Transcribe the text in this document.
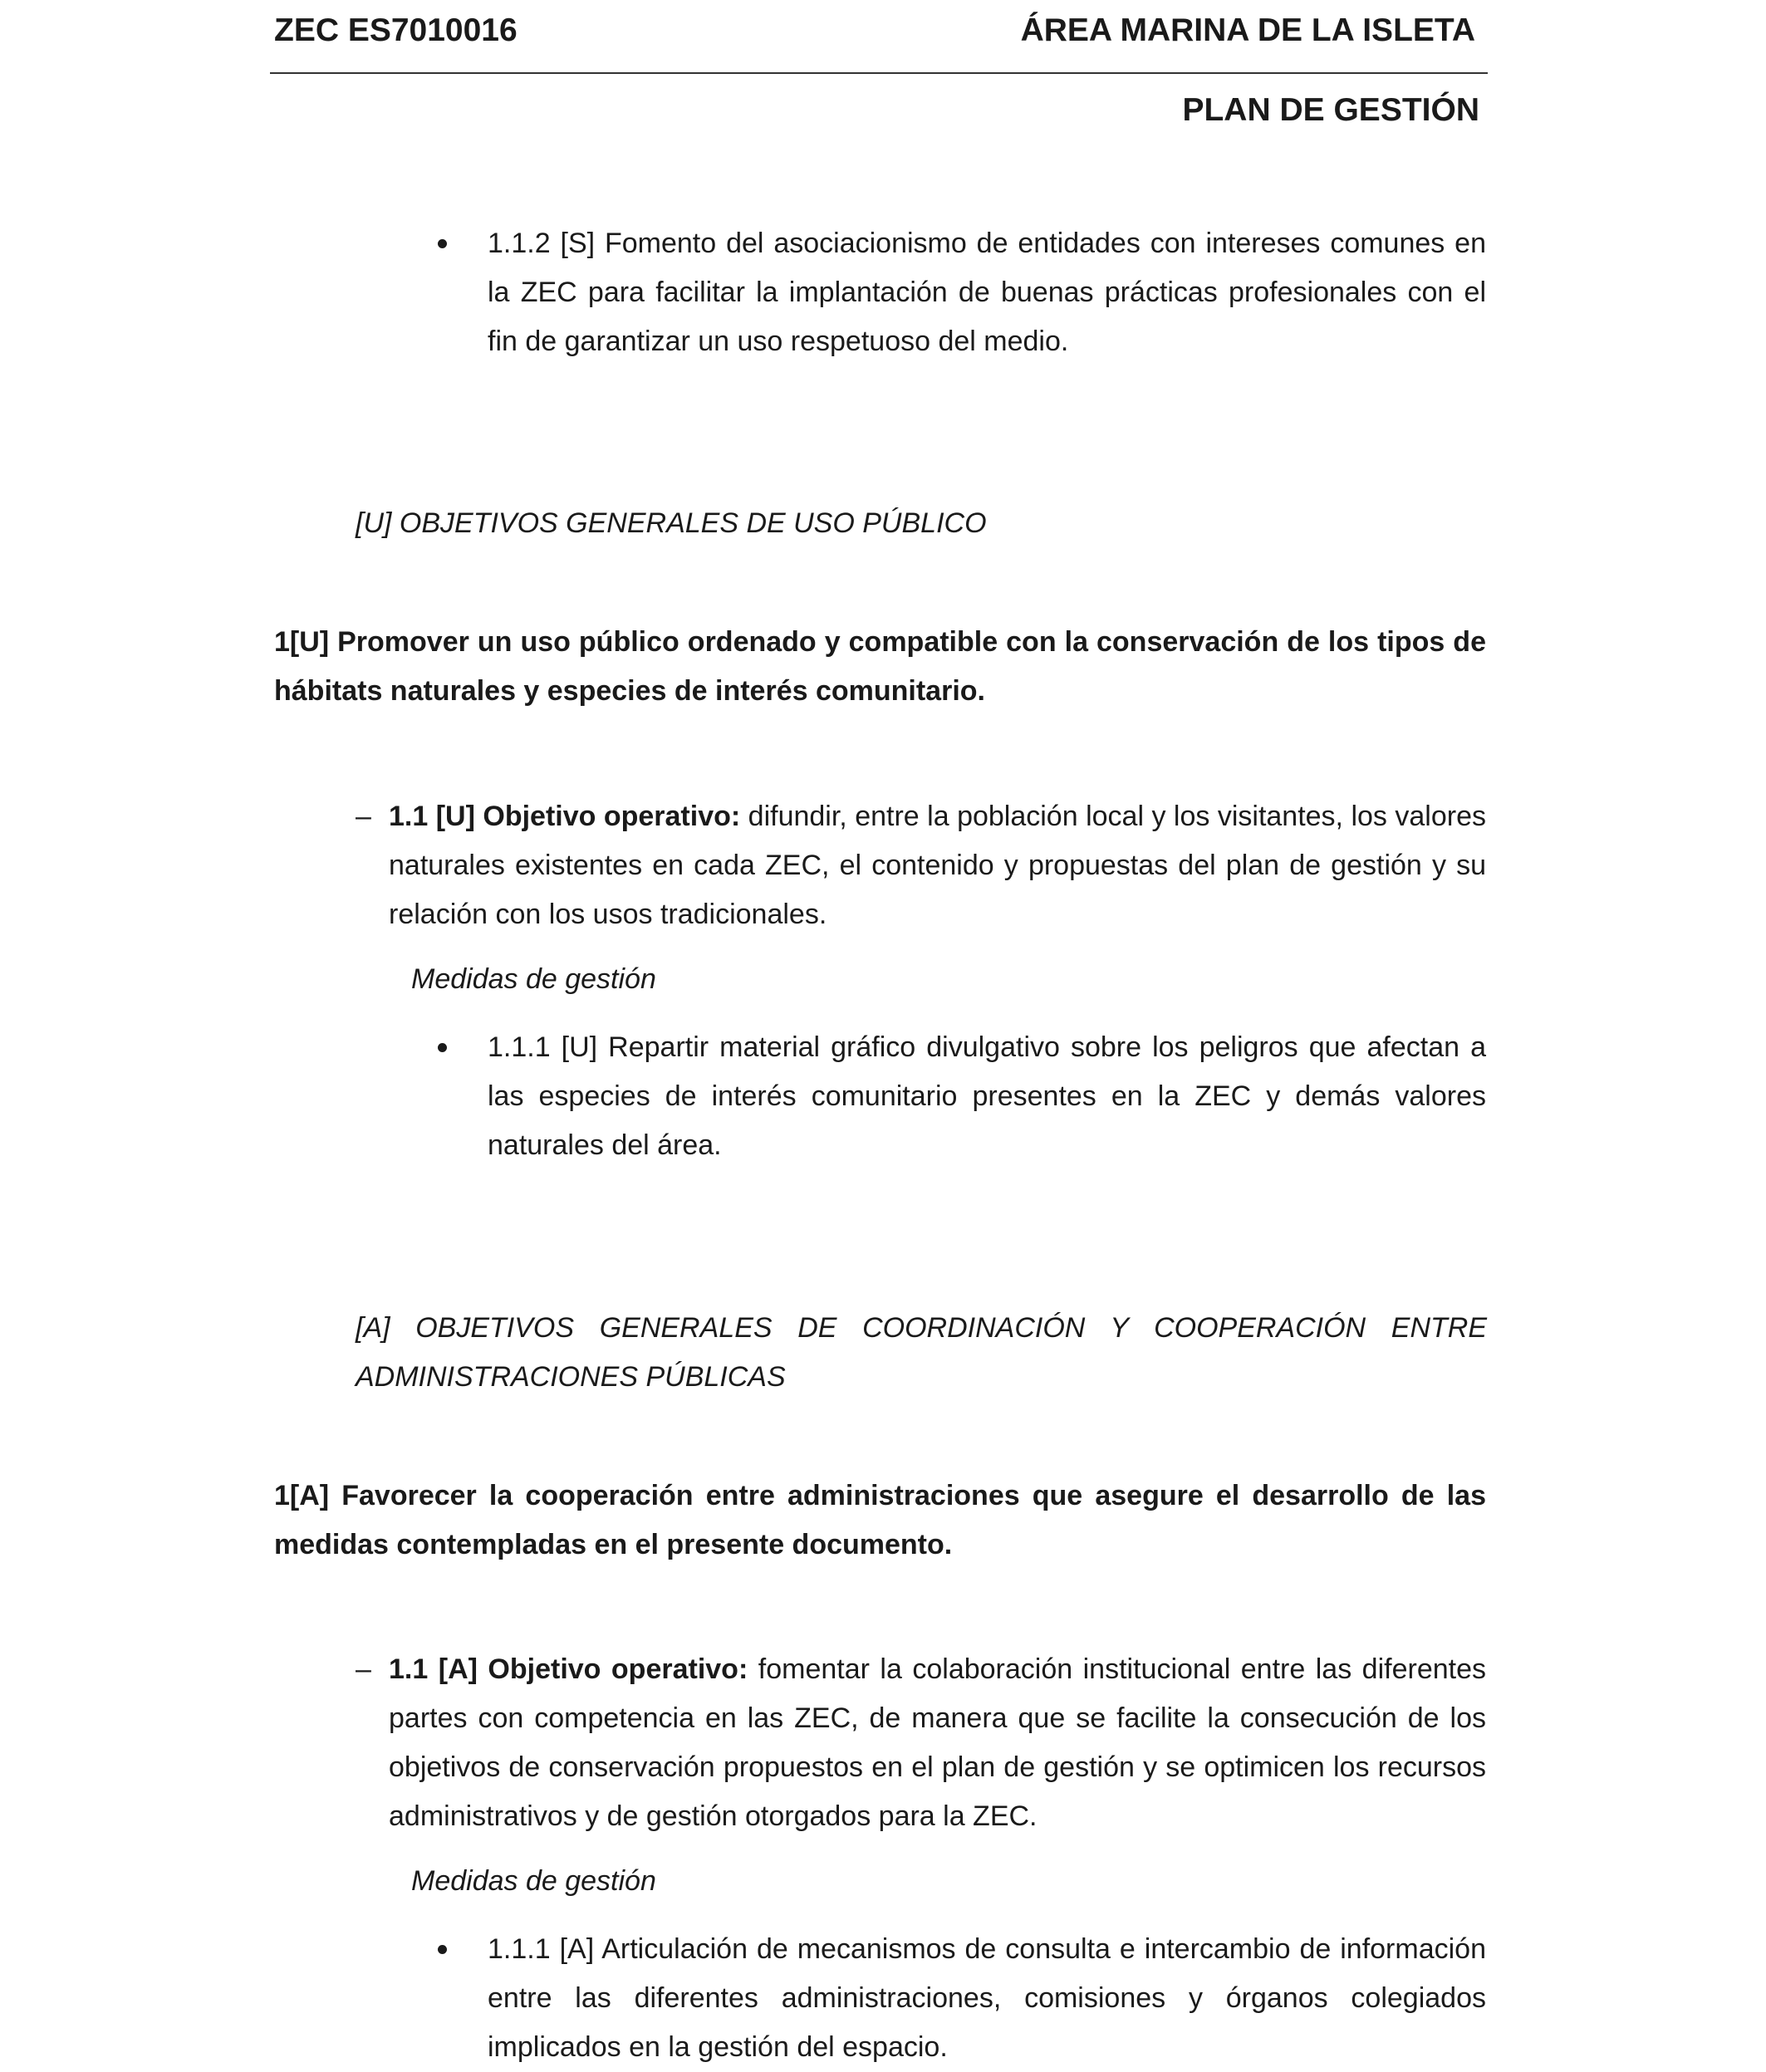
ZEC ES7010016	ÁREA MARINA DE LA ISLETA
PLAN DE GESTIÓN
1.1.2 [S] Fomento del asociacionismo de entidades con intereses comunes en la ZEC para facilitar la implantación de buenas prácticas profesionales con el fin de garantizar un uso respetuoso del medio.
[U] OBJETIVOS GENERALES DE USO PÚBLICO
1[U] Promover un uso público ordenado y compatible con la conservación de los tipos de hábitats naturales y especies de interés comunitario.
– 1.1 [U] Objetivo operativo: difundir, entre la población local y los visitantes, los valores naturales existentes en cada ZEC, el contenido y propuestas del plan de gestión y su relación con los usos tradicionales.
Medidas de gestión
1.1.1 [U] Repartir material gráfico divulgativo sobre los peligros que afectan a las especies de interés comunitario presentes en la ZEC y demás valores naturales del área.
[A] OBJETIVOS GENERALES DE COORDINACIÓN Y COOPERACIÓN ENTRE ADMINISTRACIONES PÚBLICAS
1[A] Favorecer la cooperación entre administraciones que asegure el desarrollo de las medidas contempladas en el presente documento.
– 1.1 [A] Objetivo operativo: fomentar la colaboración institucional entre las diferentes partes con competencia en las ZEC, de manera que se facilite la consecución de los objetivos de conservación propuestos en el plan de gestión y se optimicen los recursos administrativos y de gestión otorgados para la ZEC.
Medidas de gestión
1.1.1 [A] Articulación de mecanismos de consulta e intercambio de información entre las diferentes administraciones, comisiones y órganos colegiados implicados en la gestión del espacio.
